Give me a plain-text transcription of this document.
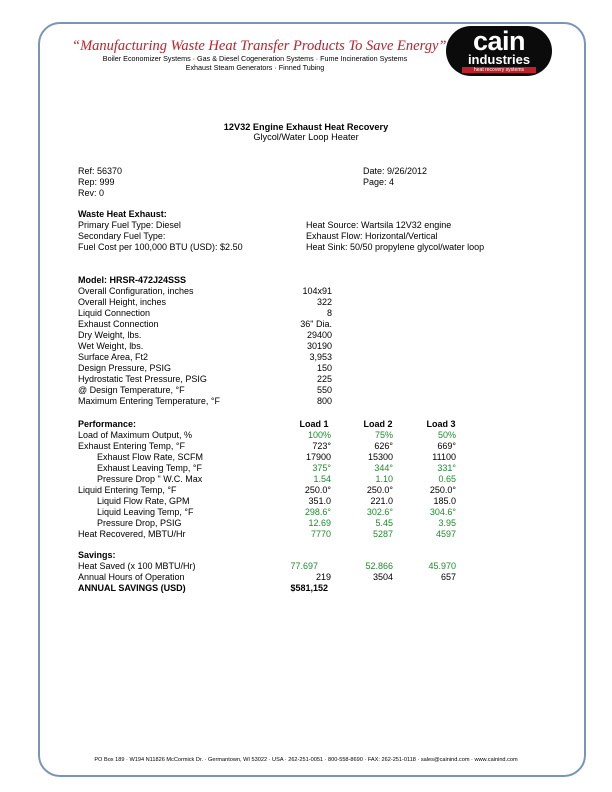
“Manufacturing Waste Heat Transfer Products To Save Energy”
Boiler Economizer Systems · Gas & Diesel Cogeneration Systems · Fume Incineration Systems
Exhaust Steam Generators · Finned Tubing
cain
industries
heat recovery systems
12V32 Engine Exhaust Heat Recovery
Glycol/Water Loop Heater
Ref: 56370
Rep: 999
Rev: 0
Date: 9/26/2012
Page: 4
Waste Heat Exhaust:
Primary Fuel Type: Diesel
Secondary Fuel Type:
Fuel Cost per 100,000 BTU (USD): $2.50
Heat Source: Wartsila 12V32 engine
Exhaust Flow: Horizontal/Vertical
Heat Sink: 50/50 propylene glycol/water loop
Model: HRSR-472J24SSS
Overall Configuration, inches	104x91
Overall Height, inches	322
Liquid Connection	8
Exhaust Connection	36" Dia.
Dry Weight, lbs.	29400
Wet Weight, lbs.	30190
Surface Area, Ft2	3,953
Design Pressure, PSIG	150
Hydrostatic Test Pressure, PSIG	225
@ Design Temperature, °F	550
Maximum Entering Temperature, °F	800
Performance:	Load 1	Load 2	Load 3
Load of Maximum Output, %	100%	75%	50%
Exhaust Entering Temp, °F	723°	626°	669°
Exhaust Flow Rate, SCFM	17900	15300	11100
Exhaust Leaving Temp, °F	375°	344°	331°
Pressure Drop " W.C. Max	1.54	1.10	0.65
Liquid Entering Temp, °F	250.0°	250.0°	250.0°
Liquid Flow Rate, GPM	351.0	221.0	185.0
Liquid Leaving Temp, °F	298.6°	302.6°	304.6°
Pressure Drop, PSIG	12.69	5.45	3.95
Heat Recovered, MBTU/Hr	7770	5287	4597
Savings:
Heat Saved (x 100 MBTU/Hr)	77.697	52.866	45.970
Annual Hours of Operation	219	3504	657
ANNUAL SAVINGS (USD)	$581,152
PO Box 189 · W194 N11826 McCormick Dr. · Germantown, WI 53022 · USA · 262-251-0051 · 800-558-8690 · FAX: 262-251-0118 · sales@cainind.com · www.cainind.com
